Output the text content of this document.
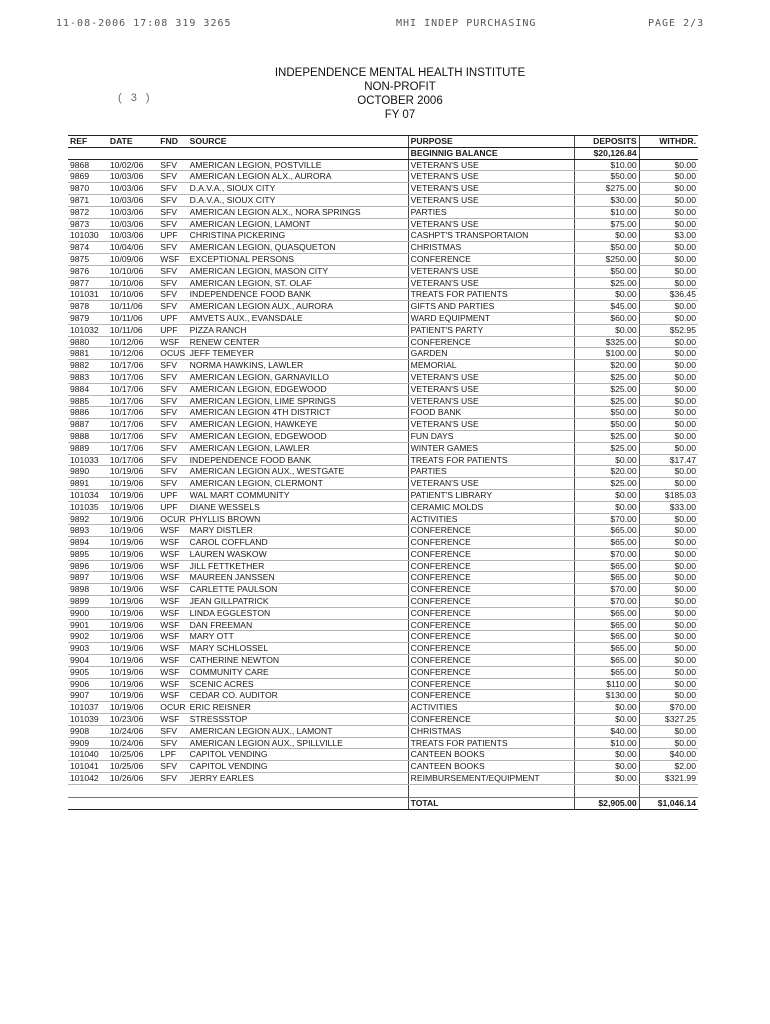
11-08-2006 17:08 319 3265	MHI INDEP PURCHASING	PAGE 2/3
( 3 )
INDEPENDENCE MENTAL HEALTH INSTITUTE
NON-PROFIT
OCTOBER 2006
FY 07
REF	DATE	FND	SOURCE	PURPOSE	DEPOSITS	WITHDR.
				BEGINNIG BALANCE	$20,126.84	
9868	10/02/06	SFV	AMERICAN LEGION, POSTVILLE	VETERAN'S USE	$10.00	$0.00
9869	10/03/06	SFV	AMERICAN LEGION ALX., AURORA	VETERAN'S USE	$50.00	$0.00
9870	10/03/06	SFV	D.A.V.A., SIOUX CITY	VETERAN'S USE	$275.00	$0.00
9871	10/03/06	SFV	D.A.V.A., SIOUX CITY	VETERAN'S USE	$30.00	$0.00
9872	10/03/06	SFV	AMERICAN LEGION ALX., NORA SPRINGS	PARTIES	$10.00	$0.00
9873	10/03/06	SFV	AMERICAN LEGION, LAMONT	VETERAN'S USE	$75.00	$0.00
101030	10/03/06	UPF	CHRISTINA PICKERING	CASHPT'S TRANSPORTAION	$0.00	$3.00
9874	10/04/06	SFV	AMERICAN LEGION, QUASQUETON	CHRISTMAS	$50.00	$0.00
9875	10/09/06	WSF	EXCEPTIONAL PERSONS	CONFERENCE	$250.00	$0.00
9876	10/10/06	SFV	AMERICAN LEGION, MASON CITY	VETERAN'S USE	$50.00	$0.00
9877	10/10/06	SFV	AMERICAN LEGION, ST. OLAF	VETERAN'S USE	$25.00	$0.00
101031	10/10/06	SFV	INDEPENDENCE FOOD BANK	TREATS FOR PATIENTS	$0.00	$36.45
9878	10/11/06	SFV	AMERICAN LEGION AUX., AURORA	GIFTS AND PARTIES	$45.00	$0.00
9879	10/11/06	UPF	AMVETS AUX., EVANSDALE	WARD EQUIPMENT	$60.00	$0.00
101032	10/11/06	UPF	PIZZA RANCH	PATIENT'S PARTY	$0.00	$52.95
9880	10/12/06	WSF	RENEW CENTER	CONFERENCE	$325.00	$0.00
9881	10/12/06	OCUS	JEFF TEMEYER	GARDEN	$100.00	$0.00
9882	10/17/06	SFV	NORMA HAWKINS, LAWLER	MEMORIAL	$20.00	$0.00
9883	10/17/06	SFV	AMERICAN LEGION, GARNAVILLO	VETERAN'S USE	$25.00	$0.00
9884	10/17/06	SFV	AMERICAN LEGION, EDGEWOOD	VETERAN'S USE	$25.00	$0.00
9885	10/17/06	SFV	AMERICAN LEGION, LIME SPRINGS	VETERAN'S USE	$25.00	$0.00
9886	10/17/06	SFV	AMERICAN LEGION 4TH DISTRICT	FOOD BANK	$50.00	$0.00
9887	10/17/06	SFV	AMERICAN LEGION, HAWKEYE	VETERAN'S USE	$50.00	$0.00
9888	10/17/06	SFV	AMERICAN LEGION, EDGEWOOD	FUN DAYS	$25.00	$0.00
9889	10/17/06	SFV	AMERICAN LEGION, LAWLER	WINTER GAMES	$25.00	$0.00
101033	10/17/06	SFV	INDEPENDENCE FOOD BANK	TREATS FOR PATIENTS	$0.00	$17.47
9890	10/19/06	SFV	AMERICAN LEGION AUX., WESTGATE	PARTIES	$20.00	$0.00
9891	10/19/06	SFV	AMERICAN LEGION, CLERMONT	VETERAN'S USE	$25.00	$0.00
101034	10/19/06	UPF	WAL MART COMMUNITY	PATIENT'S LIBRARY	$0.00	$185.03
101035	10/19/06	UPF	DIANE WESSELS	CERAMIC MOLDS	$0.00	$33.00
9892	10/19/06	OCUR	PHYLLIS BROWN	ACTIVITIES	$70.00	$0.00
9893	10/19/06	WSF	MARY DISTLER	CONFERENCE	$65.00	$0.00
9894	10/19/06	WSF	CAROL COFFLAND	CONFERENCE	$65.00	$0.00
9895	10/19/06	WSF	LAUREN WASKOW	CONFERENCE	$70.00	$0.00
9896	10/19/06	WSF	JILL FETTKETHER	CONFERENCE	$65.00	$0.00
9897	10/19/06	WSF	MAUREEN JANSSEN	CONFERENCE	$65.00	$0.00
9898	10/19/06	WSF	CARLETTE PAULSON	CONFERENCE	$70.00	$0.00
9899	10/19/06	WSF	JEAN GILLPATRICK	CONFERENCE	$70.00	$0.00
9900	10/19/06	WSF	LINDA EGGLESTON	CONFERENCE	$65.00	$0.00
9901	10/19/06	WSF	DAN FREEMAN	CONFERENCE	$65.00	$0.00
9902	10/19/06	WSF	MARY OTT	CONFERENCE	$65.00	$0.00
9903	10/19/06	WSF	MARY SCHLOSSEL	CONFERENCE	$65.00	$0.00
9904	10/19/06	WSF	CATHERINE NEWTON	CONFERENCE	$65.00	$0.00
9905	10/19/06	WSF	COMMUNITY CARE	CONFERENCE	$65.00	$0.00
9906	10/19/06	WSF	SCENIC ACRES	CONFERENCE	$110.00	$0.00
9907	10/19/06	WSF	CEDAR CO. AUDITOR	CONFERENCE	$130.00	$0.00
101037	10/19/06	OCUR	ERIC REISNER	ACTIVITIES	$0.00	$70.00
101039	10/23/06	WSF	STRESSSTOP	CONFERENCE	$0.00	$327.25
9908	10/24/06	SFV	AMERICAN LEGION AUX., LAMONT	CHRISTMAS	$40.00	$0.00
9909	10/24/06	SFV	AMERICAN LEGION AUX., SPILLVILLE	TREATS FOR PATIENTS	$10.00	$0.00
101040	10/25/06	LPF	CAPITOL VENDING	CANTEEN BOOKS	$0.00	$40.00
101041	10/25/06	SFV	CAPITOL VENDING	CANTEEN BOOKS	$0.00	$2.00
101042	10/26/06	SFV	JERRY EARLES	REIMBURSEMENT/EQUIPMENT	$0.00	$321.99

				TOTAL	$2,905.00	$1,046.14
